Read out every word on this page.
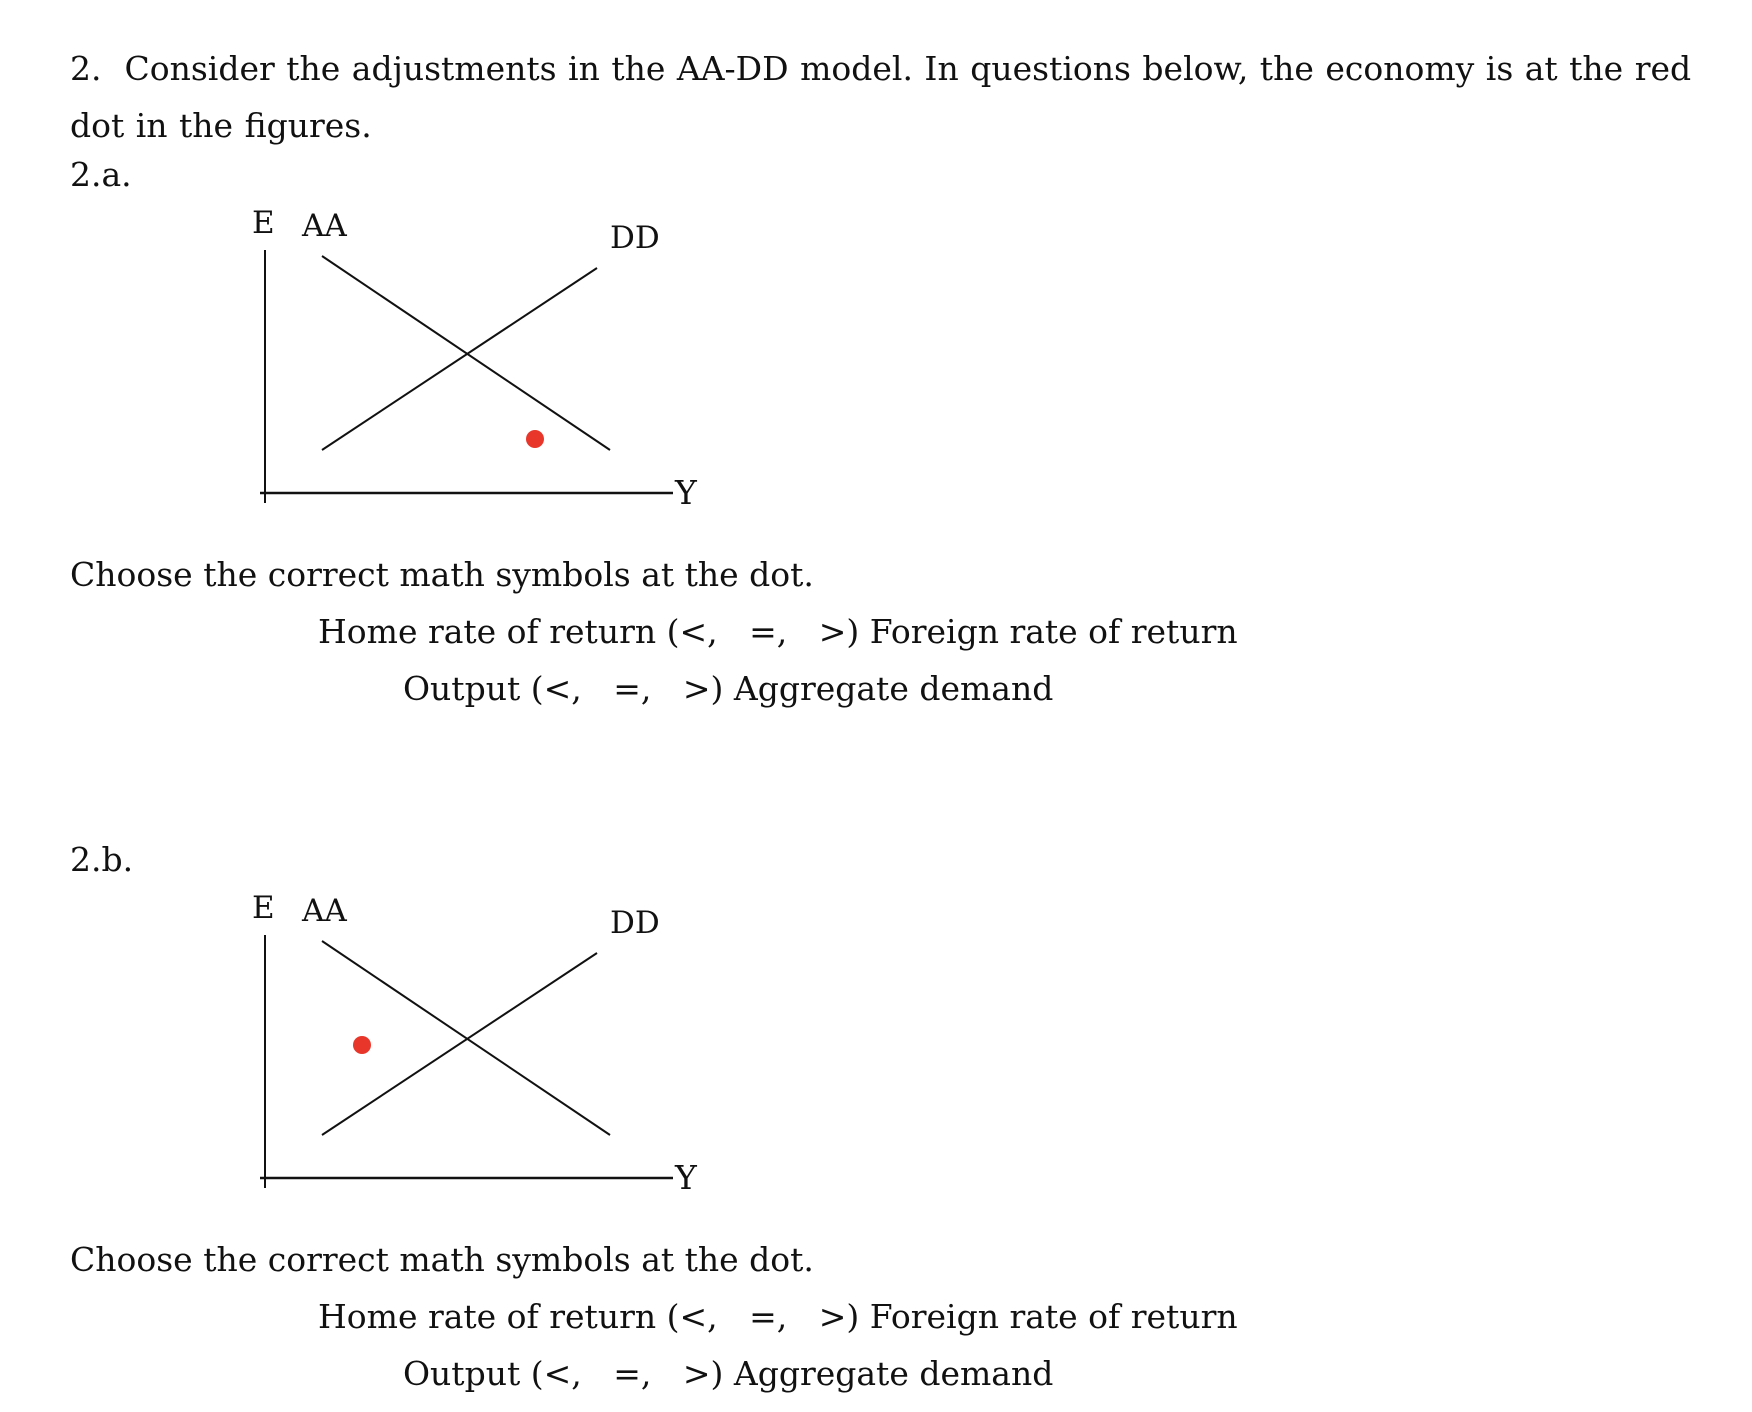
2. Consider the adjustments in the AA-DD model. In questions below, the economy is at the red dot in the figures.
2.a.
E
Y
AA	DD
Choose the correct math symbols at the dot.
Home rate of return (<, =, >) Foreign rate of return
Output (<, =, >) Aggregate demand
2.b.
E
Y
AA	DD
Choose the correct math symbols at the dot.
Home rate of return (<, =, >) Foreign rate of return
Output (<, =, >) Aggregate demand
